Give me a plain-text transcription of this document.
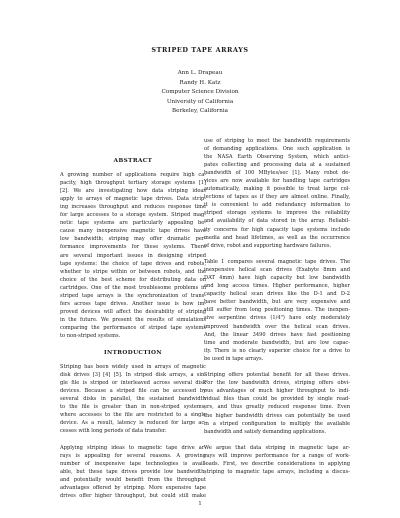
STRIPED TAPE ARRAYS
Ann L. Drapeau
Randy H. Katz
Computer Science Division
University of California
Berkeley, California
ABSTRACT
A growing number of applications require high ca-
pacity, high throughput tertiary storage systems [1]
[2]. We are investigating how data striping ideas
apply to arrays of magnetic tape drives. Data strip-
ing increases throughput and reduces response time
for large accesses to a storage system. Striped mag-
netic tape systems are particularly appealing be-
cause many inexpensive magnetic tape drives have
low bandwidth; striping may offer dramatic per-
formance improvements for these systems. There
are several important issues in designing striped
tape systems: the choice of tape drives and robots,
whether to stripe within or between robots, and the
choice of the best scheme for distributing data on
cartridges. One of the most troublesome problems in
striped tape arrays is the synchronization of trans-
fers across tape drives. Another issue is how im-
proved devices will affect the desirability of striping
in the future. We present the results of simulations
comparing the performance of striped tape systems
to non-striped systems.
INTRODUCTION
Striping has been widely used in arrays of magnetic
disk drives [3] [4] [5]. In striped disk arrays, a sin-
gle file is striped or interleaved across several disk
devices. Because a striped file can be accessed by
several disks in parallel, the sustained bandwidth
to the file is greater than in non-striped systems,
where accesses to the file are restricted to a single
device. As a result, latency is reduced for large ac-
cesses with long periods of data transfer.
Applying striping ideas to magnetic tape drive ar-
rays is appealing for several reasons. A growing
number of inexpensive tape technologies is avail-
able, but these tape drives provide low bandwidth,
and potentially would benefit from the throughput
advantages offered by striping. More expensive tape
drives offer higher throughput, but could still make
use of striping to meet the bandwidth requirements
of demanding applications. One such application is
the NASA Earth Observing System, which antici-
pates collecting and processing data at a sustained
bandwidth of 100 MBytes/sec [1]. Many robot de-
vices are now available for handling tape cartridges
automatically, making it possible to treat large col-
lections of tapes as if they are almost online. Finally,
it is convenient to add redundancy information to
striped storage systems to improve the reliability
and availability of data stored in the array. Reliabil-
ity concerns for high capacity tape systems include
media and head lifetimes, as well as the occurrence
of drive, robot and supporting hardware failures.
Table 1 compares several magnetic tape drives. The
inexpensive helical scan drives (Exabyte 8mm and
DAT 4mm) have high capacity but low bandwidth
and long access times. Higher performance, higher
capacity helical scan drives like the D-1 and D-2
have better bandwidth, but are very expensive and
still suffer from long positioning times. The inexpen-
sive serpentine drives (1/4") have only moderately
improved bandwidth over the helical scan drives.
And, the linear 3490 drives have fast positioning
time and moderate bandwidth, but are low capac-
ity. There is no clearly superior choice for a drive to
be used in tape arrays.
Striping offers potential benefit for all these drives.
For the low bandwidth drives, striping offers obvi-
ous advantages of much higher throughput to indi-
vidual files than could be provided by single read-
ers, and thus greatly reduced response time. Even
the higher bandwidth drives can potentially be used
in a striped configuration to multiply the available
bandwidth and satisfy demanding applications.
We argue that data striping in magnetic tape ar-
rays will improve performance for a range of work-
loads. First, we describe considerations in applying
striping to magnetic tape arrays, including a discus-
1
